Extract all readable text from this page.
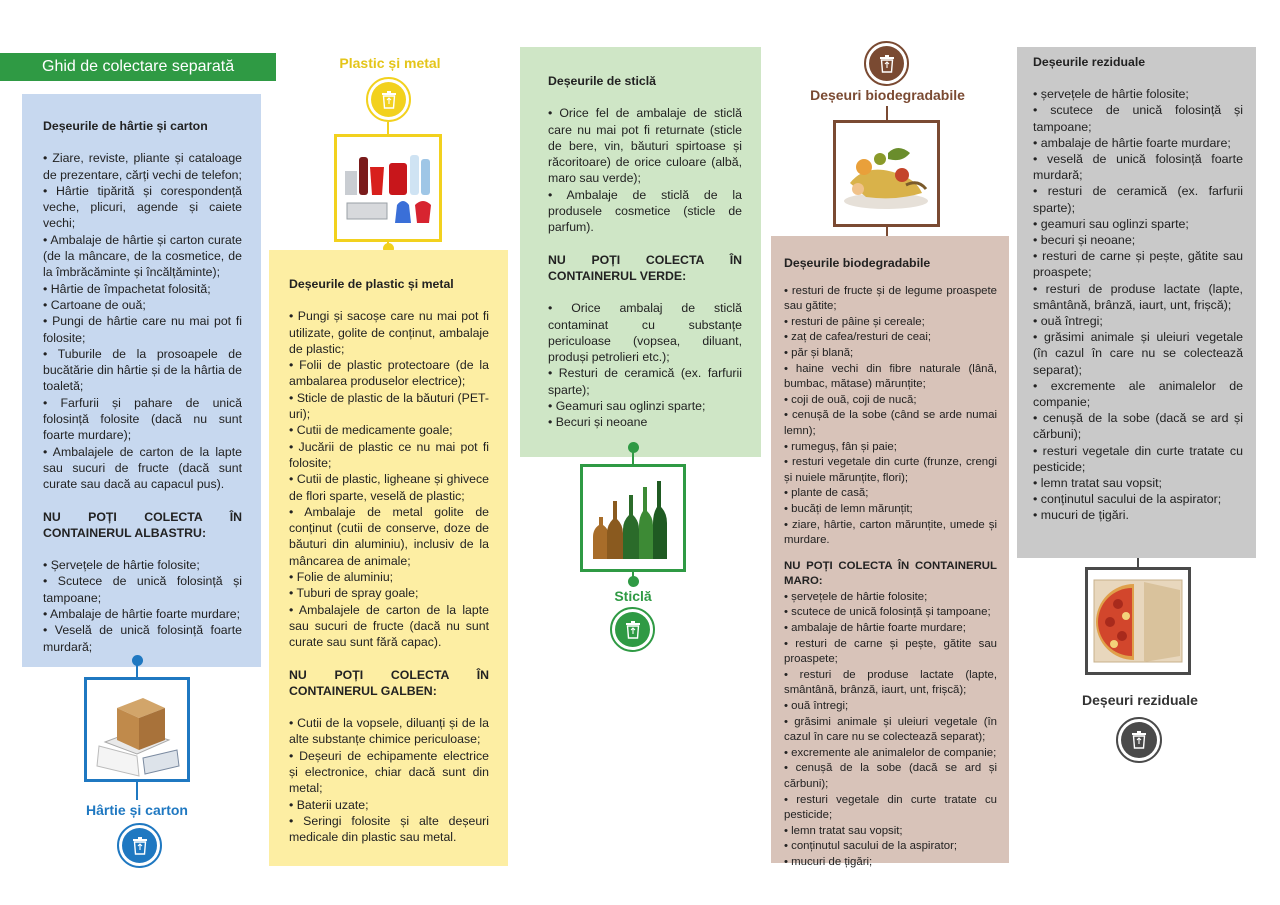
Ghid de colectare separată
Deșeurile de hârtie și carton
• Ziare, reviste, pliante și cataloage de prezentare, cărți vechi de telefon;
• Hârtie tipărită și corespondență veche, plicuri, agende și caiete vechi;
• Ambalaje de hârtie și carton curate (de la mâncare, de la cosmetice, de la îmbrăcăminte și încălțăminte);
• Hârtie de împachetat folosită;
• Cartoane de ouă;
• Pungi de hârtie care nu mai pot fi folosite;
• Tuburile de la prosoapele de bucătărie din hârtie și de la hârtia de toaletă;
• Farfurii și pahare de unică folosință folosite (dacă nu sunt foarte murdare);
• Ambalajele de carton de la lapte sau sucuri de fructe (dacă sunt curate sau dacă au capacul pus).
NU POȚI COLECTA ÎN CONTAINERUL ALBASTRU:
• Șervețele de hârtie folosite;
• Scutece de unică folosință și tampoane;
• Ambalaje de hârtie foarte murdare;
• Veselă de unică folosință foarte murdară;
Hârtie și carton
Plastic și metal
Deșeurile de plastic și metal
• Pungi și sacoșe care nu mai pot fi utilizate, golite de conținut, ambalaje de plastic;
• Folii de plastic protectoare (de la ambalarea produselor electrice);
• Sticle de plastic de la băuturi (PET-uri);
• Cutii de medicamente goale;
• Jucării de plastic ce nu mai pot fi folosite;
• Cutii de plastic, ligheane și ghivece de flori sparte, veselă de plastic;
• Ambalaje de metal golite de conținut (cutii de conserve, doze de băuturi din aluminiu), inclusiv de la mâncarea de animale;
• Folie de aluminiu;
• Tuburi de spray goale;
• Ambalajele de carton de la lapte sau sucuri de fructe (dacă nu sunt curate sau sunt fără capac).
NU POȚI COLECTA ÎN CONTAINERUL GALBEN:
• Cutii de la vopsele, diluanți și de la alte substanțe chimice periculoase;
• Deșeuri de echipamente electrice și electronice, chiar dacă sunt din metal;
• Baterii uzate;
• Seringi folosite și alte deșeuri medicale din plastic sau metal.
Deșeurile de sticlă
• Orice fel de ambalaje de sticlă care nu mai pot fi returnate (sticle de bere, vin, băuturi spirtoase și răcoritoare) de orice culoare (albă, maro sau verde);
• Ambalaje de sticlă de la produsele cosmetice (sticle de parfum).
NU POȚI COLECTA ÎN CONTAINERUL VERDE:
• Orice ambalaj de sticlă contaminat cu substanțe periculoase (vopsea, diluant, produși petrolieri etc.);
• Resturi de ceramică (ex. farfurii sparte);
• Geamuri sau oglinzi sparte;
• Becuri și neoane
Sticlă
Deșeuri biodegradabile
Deșeurile biodegradabile
• resturi de fructe și de legume proaspete sau gătite;
• resturi de pâine și cereale;
• zaț de cafea/resturi de ceai;
• păr și blană;
• haine vechi din fibre naturale (lână, bumbac, mătase) mărunțite;
• coji de ouă, coji de nucă;
• cenușă de la sobe (când se arde numai lemn);
• rumeguș, fân și paie;
• resturi vegetale din curte (frunze, crengi și nuiele mărunțite, flori);
• plante de casă;
• bucăți de lemn mărunțit;
• ziare, hârtie, carton mărunțite, umede și murdare.
NU POȚI COLECTA ÎN CONTAINERUL MARO:
• șervețele de hârtie folosite;
• scutece de unică folosință și tampoane;
• ambalaje de hârtie foarte murdare;
• resturi de carne și pește, gătite sau proaspete;
• resturi de produse lactate (lapte, smântână, brânză, iaurt, unt, frișcă);
• ouă întregi;
• grăsimi animale și uleiuri vegetale (în cazul în care nu se colectează separat);
• excremente ale animalelor de companie;
• cenușă de la sobe (dacă se ard și cărbuni);
• resturi vegetale din curte tratate cu pesticide;
• lemn tratat sau vopsit;
• conținutul sacului de la aspirator;
• mucuri de țigări;
Deșeurile reziduale
• șervețele de hârtie folosite;
• scutece de unică folosință și tampoane;
• ambalaje de hârtie foarte murdare;
• veselă de unică folosință foarte murdară;
• resturi de ceramică (ex. farfurii sparte);
• geamuri sau oglinzi sparte;
• becuri și neoane;
• resturi de carne și pește, gătite sau proaspete;
• resturi de produse lactate (lapte, smântână, brânză, iaurt, unt, frișcă);
• ouă întregi;
• grăsimi animale și uleiuri vegetale (în cazul în care nu se colectează separat);
• excremente ale animalelor de companie;
• cenușă de la sobe (dacă se ard și cărbuni);
• resturi vegetale din curte tratate cu pesticide;
• lemn tratat sau vopsit;
• conținutul sacului de la aspirator;
• mucuri de țigări.
Deșeuri reziduale
